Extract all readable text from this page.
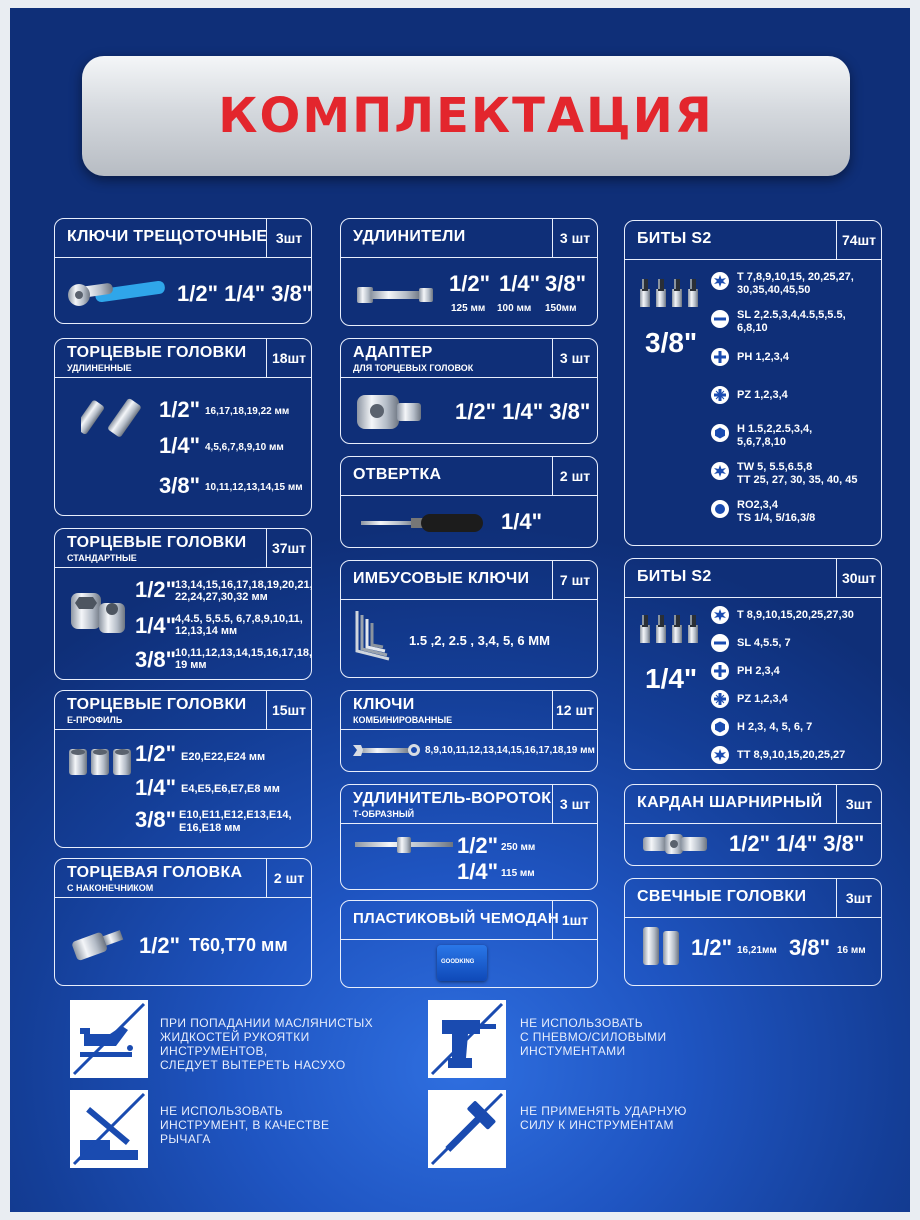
КОМПЛЕКТАЦИЯ
КЛЮЧИ ТРЕЩОТОЧНЫЕ 3шт
1/2" 1/4" 3/8"
ТОРЦЕВЫЕ ГОЛОВКИ
УДЛИНЕННЫЕ
18шт
1/2" 16,17,18,19,22 мм
1/4" 4,5,6,7,8,9,10 мм
3/8" 10,11,12,13,14,15 мм
ТОРЦЕВЫЕ ГОЛОВКИ
СТАНДАРТНЫЕ
37шт
1/2"
13,14,15,16,17,18,19,20,21,
22,24,27,30,32 мм
1/4"
4,4.5, 5,5.5, 6,7,8,9,10,11,
12,13,14 мм
3/8"
10,11,12,13,14,15,16,17,18,
19 мм
ТОРЦЕВЫЕ ГОЛОВКИ
Е-ПРОФИЛЬ
15шт
1/2" E20,E22,E24 мм
1/4" E4,E5,E6,E7,E8 мм
3/8" E10,E11,E12,E13,E14,
E16,E18 мм
ТОРЦЕВАЯ ГОЛОВКА
С НАКОНЕЧНИКОМ
2 шт
1/2" T60,T70 мм
УДЛИНИТЕЛИ	3 шт
1/2"
125 мм
1/4"
100 мм
3/8"
150мм
АДАПТЕР
ДЛЯ ТОРЦЕВЫХ ГОЛОВОК
3 шт
1/2" 1/4" 3/8"
ОТВЕРТКА	2 шт
1/4"
ИМБУСОВЫЕ КЛЮЧИ	7 шт
1.5 ,2, 2.5 , 3,4, 5, 6 ММ
КЛЮЧИ
КОМБИНИРОВАННЫЕ
12 шт
8,9,10,11,12,13,14,15,16,17,18,19 мм
УДЛИНИТЕЛЬ-ВОРОТОК
Т-ОБРАЗНЫЙ
3 шт
1/2" 250 мм
1/4" 115 мм
ПЛАСТИКОВЫЙ ЧЕМОДАН 1шт
GOODKING
БИТЫ S2	74шт
3/8"
T 7,8,9,10,15, 20,25,27,
30,35,40,45,50
SL 2,2.5,3,4,4.5,5,5.5,
6,8,10
PH 1,2,3,4
PZ 1,2,3,4
H 1.5,2,2.5,3,4,
5,6,7,8,10
TW 5, 5.5,6.5,8
TT 25, 27, 30, 35, 40, 45
RO2,3,4
TS 1/4, 5/16,3/8
БИТЫ S2	30шт
1/4"
T 8,9,10,15,20,25,27,30
SL 4,5.5, 7
PH 2,3,4
PZ 1,2,3,4
H 2,3, 4, 5, 6, 7
TT 8,9,10,15,20,25,27
КАРДАН ШАРНИРНЫЙ	3шт
1/2" 1/4" 3/8"
СВЕЧНЫЕ ГОЛОВКИ	3шт
1/2" 16,21мм 3/8" 16 мм
ПРИ ПОПАДАНИИ МАСЛЯНИСТЫХ
ЖИДКОСТЕЙ РУКОЯТКИ
ИНСТРУМЕНТОВ,
СЛЕДУЕТ ВЫТЕРЕТЬ НАСУХО
НЕ ИСПОЛЬЗОВАТЬ
С ПНЕВМО/СИЛОВЫМИ
ИНСТУМЕНТАМИ
НЕ ИСПОЛЬЗОВАТЬ
ИНСТРУМЕНТ, В КАЧЕСТВЕ
РЫЧАГА
НЕ ПРИМЕНЯТЬ УДАРНУЮ
СИЛУ К ИНСТРУМЕНТАМ
